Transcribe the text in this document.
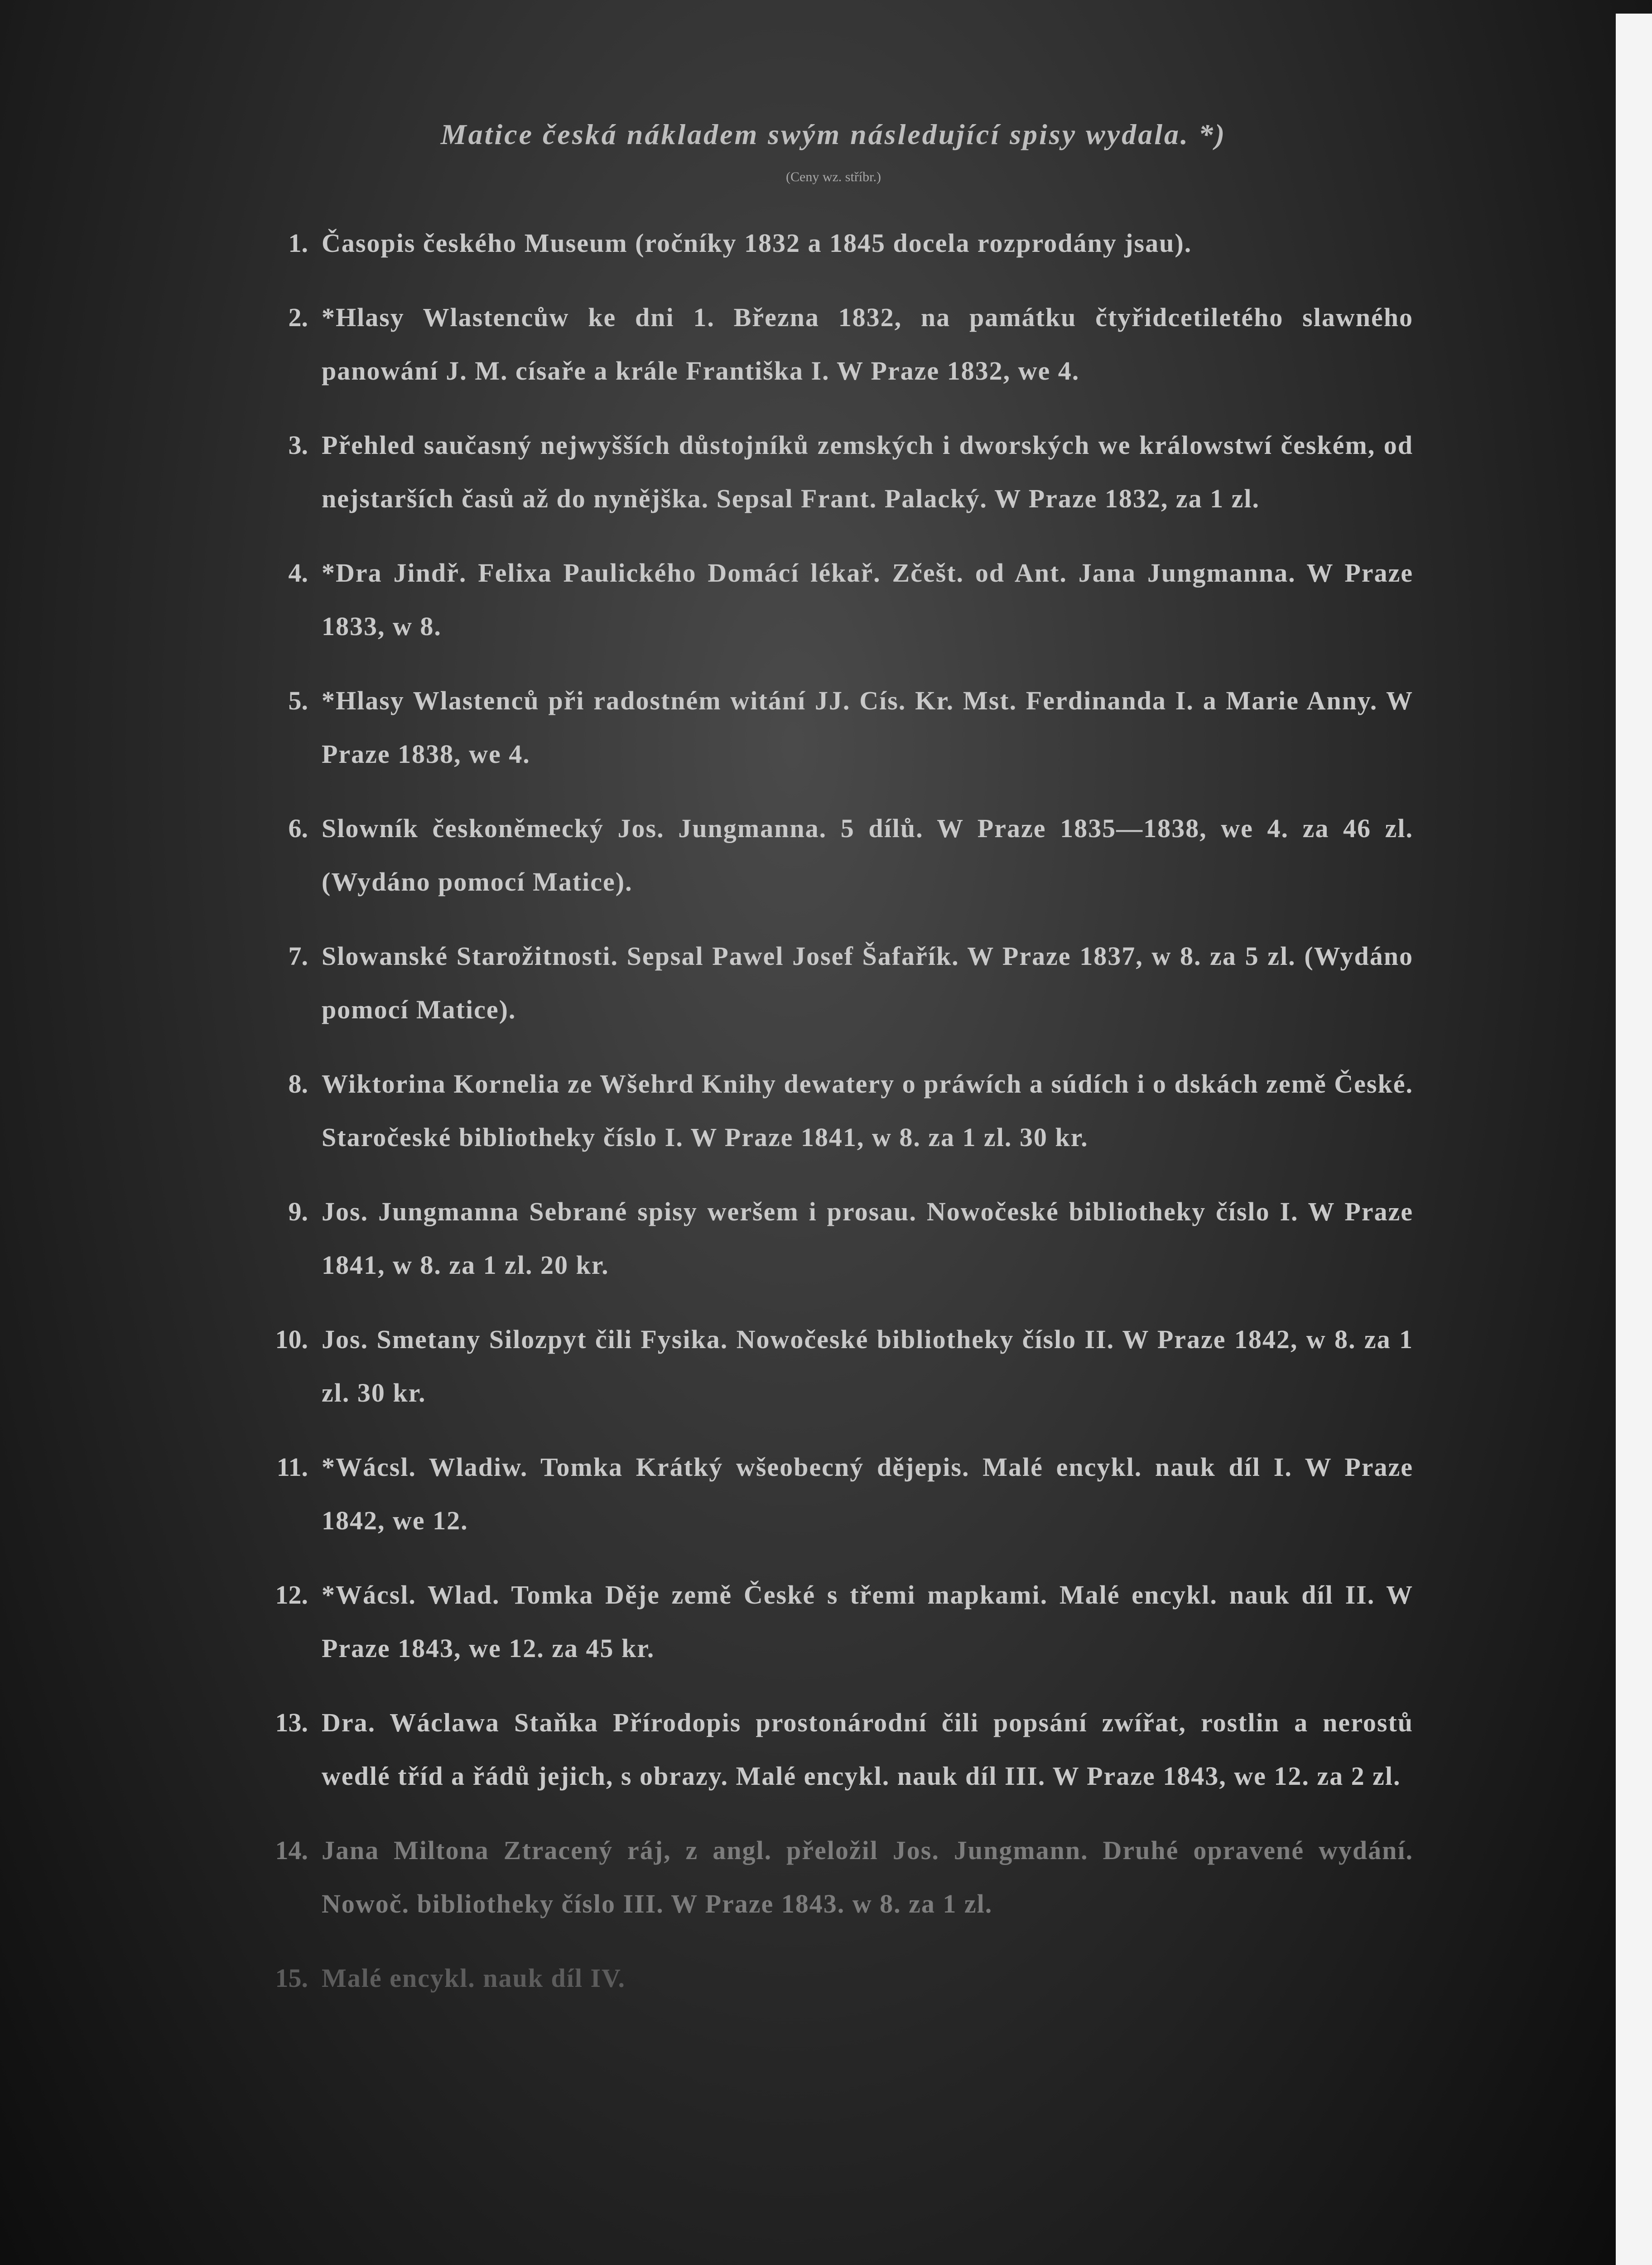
Matice česká nákladem swým následující spisy wydala. *)
(Ceny wz. stříbr.)
1. Časopis českého Museum (ročníky 1832 a 1845 docela rozprodány jsau).
2. *Hlasy Wlastencůw ke dni 1. Března 1832, na památku čtyřidcetiletého slawného panowání J. M. císaře a krále Františka I. W Praze 1832, we 4.
3. Přehled saučasný nejwyšších důstojníků zemských i dworských we králowstwí českém, od nejstarších časů až do nynějška. Sepsal Frant. Palacký. W Praze 1832, za 1 zl.
4. *Dra Jindř. Felixa Paulického Domácí lékař. Zčešt. od Ant. Jana Jungmanna. W Praze 1833, w 8.
5. *Hlasy Wlastenců při radostném witání JJ. Cís. Kr. Mst. Ferdinanda I. a Marie Anny. W Praze 1838, we 4.
6. Slowník českoněmecký Jos. Jungmanna. 5 dílů. W Praze 1835—1838, we 4. za 46 zl. (Wydáno pomocí Matice).
7. Slowanské Starožitnosti. Sepsal Pawel Josef Šafařík. W Praze 1837, w 8. za 5 zl. (Wydáno pomocí Matice).
8. Wiktorina Kornelia ze Wšehrd Knihy dewatery o práwích a súdích i o dskách země České. Staročeské bibliotheky číslo I. W Praze 1841, w 8. za 1 zl. 30 kr.
9. Jos. Jungmanna Sebrané spisy weršem i prosau. Nowočeské bibliotheky číslo I. W Praze 1841, w 8. za 1 zl. 20 kr.
10. Jos. Smetany Silozpyt čili Fysika. Nowočeské bibliotheky číslo II. W Praze 1842, w 8. za 1 zl. 30 kr.
11. *Wácsl. Wladiw. Tomka Krátký wšeobecný dějepis. Malé encykl. nauk díl I. W Praze 1842, we 12.
12. *Wácsl. Wlad. Tomka Děje země České s třemi mapkami. Malé encykl. nauk díl II. W Praze 1843, we 12. za 45 kr.
13. Dra. Wáclawa Staňka Přírodopis prostonárodní čili popsání zwířat, rostlin a nerostů wedlé tříd a řádů jejich, s obrazy. Malé encykl. nauk díl III. W Praze 1843, we 12. za 2 zl.
14. Jana Miltona Ztracený ráj, z angl. přeložil Jos. Jungmann. Druhé opravené wydání. Nowoč. bibliotheky číslo III. W Praze 1843. w 8. za 1 zl.
15. Malé encykl. nauk díl IV.
